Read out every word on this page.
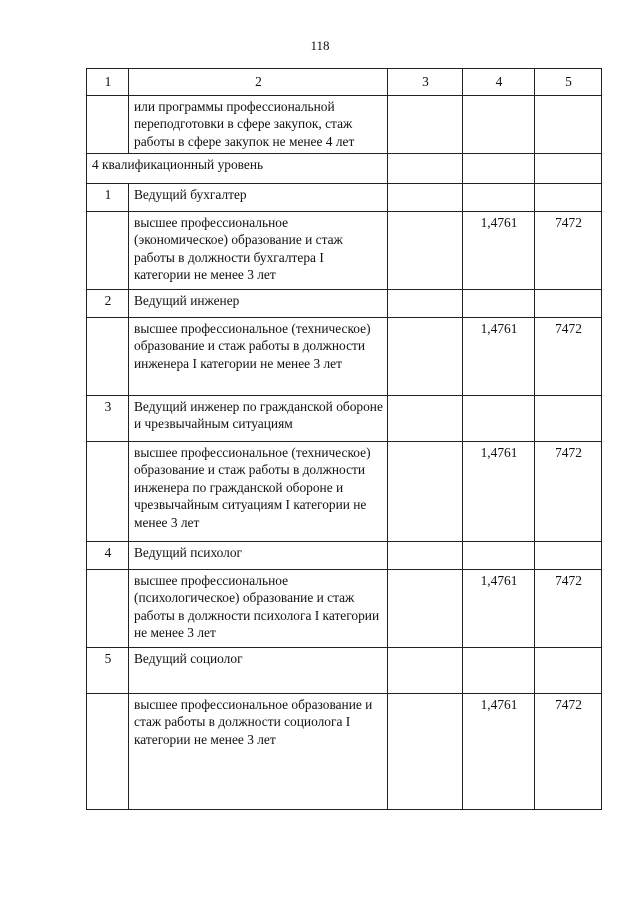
118
1	2	3	4	5
	или программы профессиональной переподготовки в сфере закупок, стаж работы в сфере закупок не менее 4 лет			
4 квалификационный уровень				
1	Ведущий бухгалтер			
	высшее профессиональное (экономическое) образование и стаж работы в должности бухгалтера I категории не менее 3 лет		1,4761	7472
2	Ведущий инженер			
	высшее профессиональное (техническое) образование и стаж работы в должности инженера I категории не менее 3 лет		1,4761	7472
3	Ведущий инженер по гражданской обороне и чрезвычайным ситуациям			
	высшее профессиональное (техническое) образование и стаж работы в должности инженера по гражданской обороне и чрезвычайным ситуациям I категории не менее 3 лет		1,4761	7472
4	Ведущий психолог			
	высшее профессиональное (психологическое) образование и стаж работы в должности психолога I категории не менее 3 лет		1,4761	7472
5	Ведущий социолог			
	высшее профессиональное образование и стаж работы в должности социолога I категории не менее 3 лет		1,4761	7472
